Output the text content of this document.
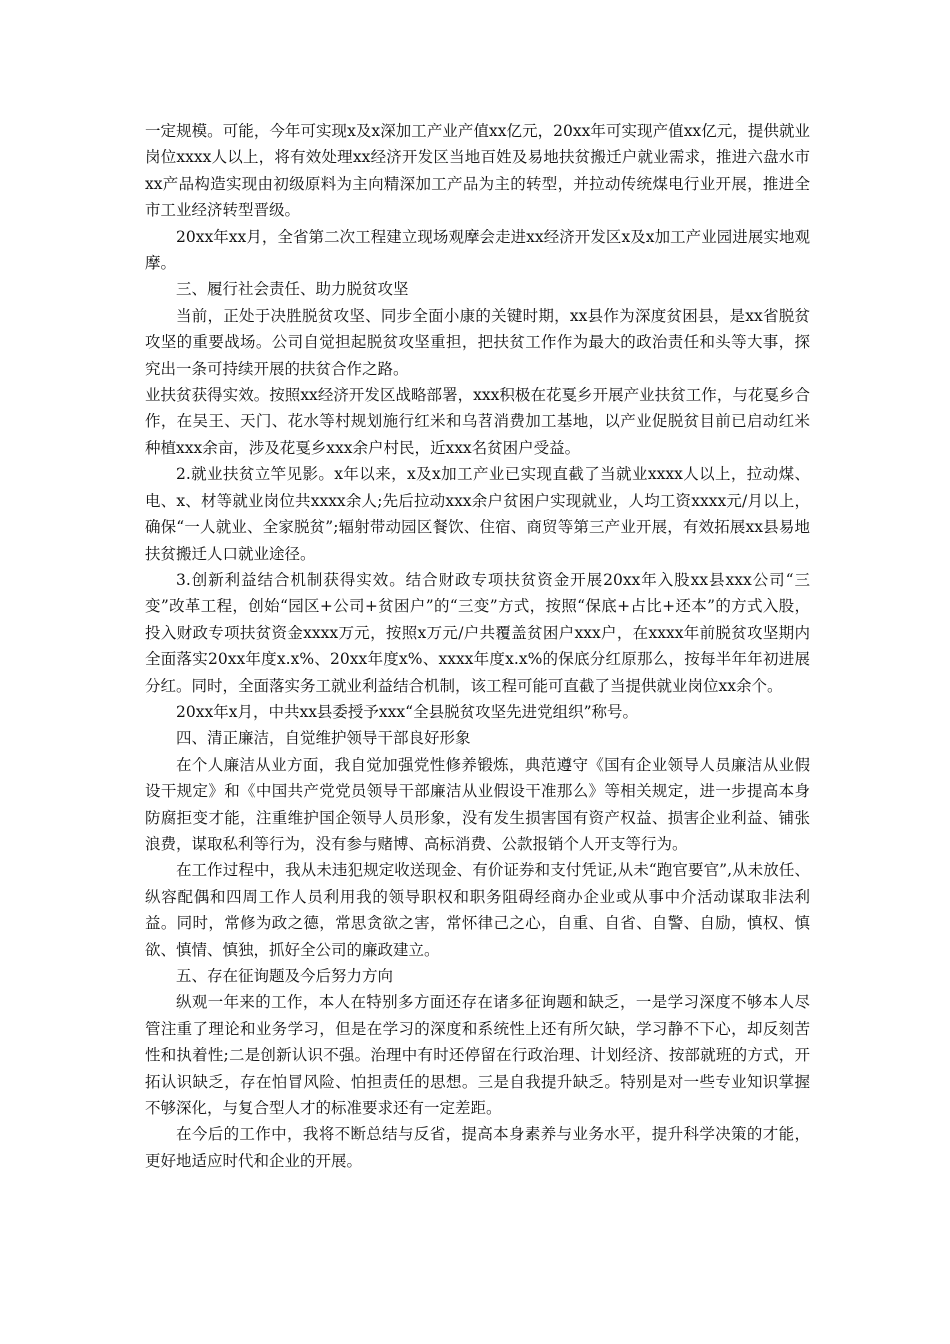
一定规模。可能，今年可实现x及x深加工产业产值xx亿元，20xx年可实现产值xx亿元，提供就业岗位xxxx人以上，将有效处理xx经济开发区当地百姓及易地扶贫搬迁户就业需求，推进六盘水市xx产品构造实现由初级原料为主向精深加工产品为主的转型，并拉动传统煤电行业开展，推进全市工业经济转型晋级。

20xx年xx月，全省第二次工程建立现场观摩会走进xx经济开发区x及x加工产业园进展实地观摩。

三、履行社会责任、助力脱贫攻坚

当前，正处于决胜脱贫攻坚、同步全面小康的关键时期，xx县作为深度贫困县，是xx省脱贫攻坚的重要战场。公司自觉担起脱贫攻坚重担，把扶贫工作作为最大的政治责任和头等大事，探究出一条可持续开展的扶贫合作之路。

业扶贫获得实效。按照xx经济开发区战略部署，xxx积极在花戛乡开展产业扶贫工作，与花戛乡合作，在吴王、天门、花水等村规划施行红米和乌苕消费加工基地，以产业促脱贫目前已启动红米种植xxx余亩，涉及花戛乡xxx余户村民，近xxx名贫困户受益。

2.就业扶贫立竿见影。x年以来，x及x加工产业已实现直截了当就业xxxx人以上，拉动煤、电、x、材等就业岗位共xxxx余人;先后拉动xxx余户贫困户实现就业，人均工资xxxx元/月以上，确保“一人就业、全家脱贫”;辐射带动园区餐饮、住宿、商贸等第三产业开展，有效拓展xx县易地扶贫搬迁人口就业途径。

3.创新利益结合机制获得实效。结合财政专项扶贫资金开展20xx年入股xx县xxx公司“三变”改革工程，创始“园区+公司+贫困户”的“三变”方式，按照“保底+占比+还本”的方式入股，投入财政专项扶贫资金xxxx万元，按照x万元/户共覆盖贫困户xxx户，在xxxx年前脱贫攻坚期内全面落实20xx年度x.x%、20xx年度x%、xxxx年度x.x%的保底分红原那么，按每半年年初进展分红。同时，全面落实务工就业利益结合机制，该工程可能可直截了当提供就业岗位xx余个。

20xx年x月，中共xx县委授予xxx“全县脱贫攻坚先进党组织”称号。

四、清正廉洁，自觉维护领导干部良好形象

在个人廉洁从业方面，我自觉加强党性修养锻炼，典范遵守《国有企业领导人员廉洁从业假设干规定》和《中国共产党党员领导干部廉洁从业假设干准那么》等相关规定，进一步提高本身防腐拒变才能，注重维护国企领导人员形象，没有发生损害国有资产权益、损害企业利益、铺张浪费，谋取私利等行为，没有参与赌博、高标消费、公款报销个人开支等行为。

在工作过程中，我从未违犯规定收送现金、有价证券和支付凭证,从未“跑官要官”,从未放任、纵容配偶和四周工作人员利用我的领导职权和职务阻碍经商办企业或从事中介活动谋取非法利益。同时，常修为政之德，常思贪欲之害，常怀律己之心，自重、自省、自警、自励，慎权、慎欲、慎情、慎独，抓好全公司的廉政建立。

五、存在征询题及今后努力方向

纵观一年来的工作，本人在特别多方面还存在诸多征询题和缺乏，一是学习深度不够本人尽管注重了理论和业务学习，但是在学习的深度和系统性上还有所欠缺，学习静不下心，却反刻苦性和执着性;二是创新认识不强。治理中有时还停留在行政治理、计划经济、按部就班的方式，开拓认识缺乏，存在怕冒风险、怕担责任的思想。三是自我提升缺乏。特别是对一些专业知识掌握不够深化，与复合型人才的标准要求还有一定差距。

在今后的工作中，我将不断总结与反省，提高本身素养与业务水平，提升科学决策的才能，更好地适应时代和企业的开展。
